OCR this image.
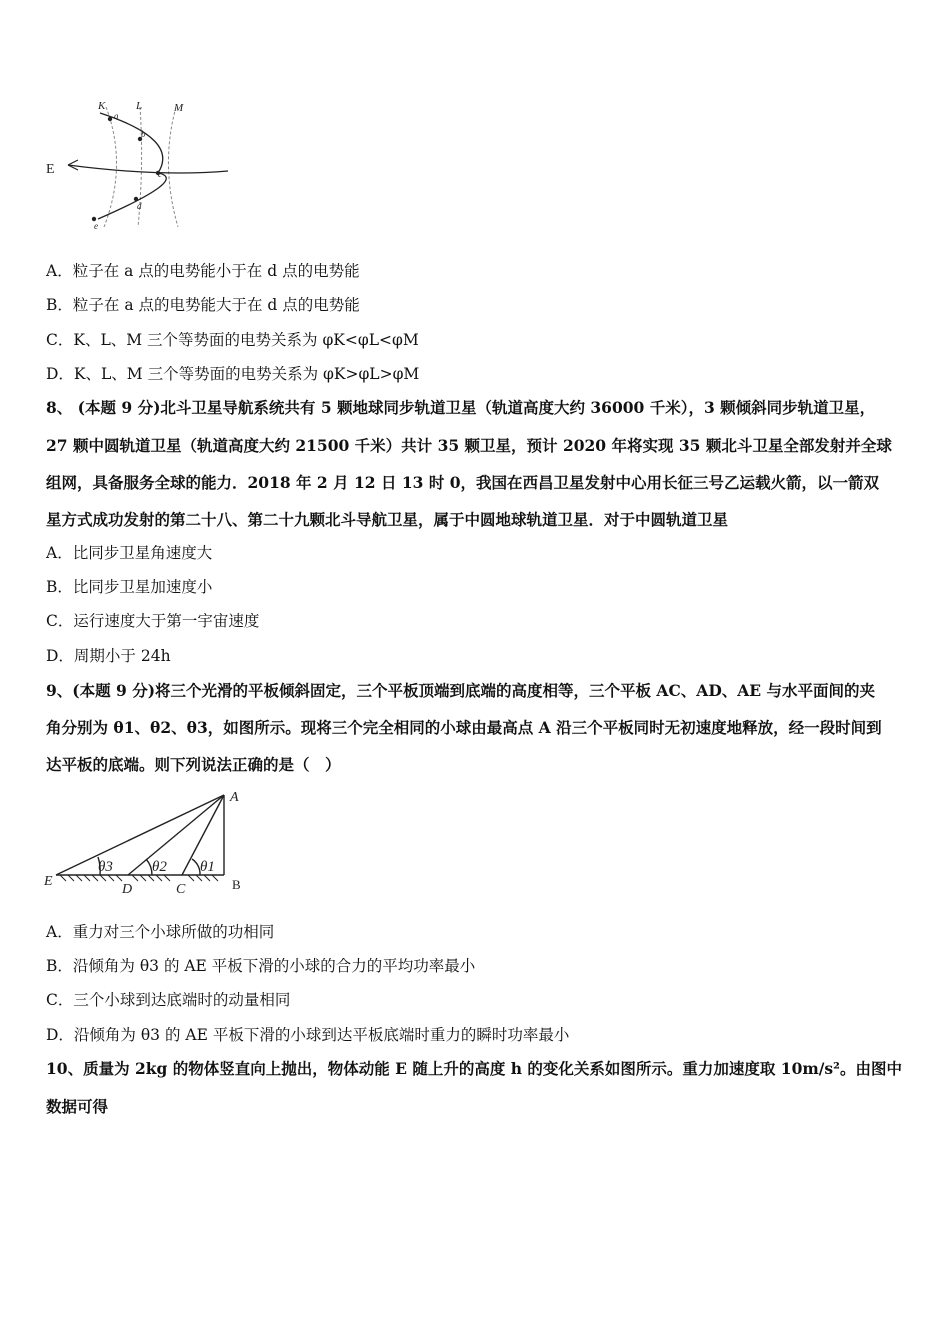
K	L	M
E
a
b
c
d
e
A．粒子在 a 点的电势能小于在 d 点的电势能
B．粒子在 a 点的电势能大于在 d 点的电势能
C．K、L、M 三个等势面的电势关系为 φK<φL<φM
D．K、L、M 三个等势面的电势关系为 φK>φL>φM
8、 (本题 9 分)北斗卫星导航系统共有 5 颗地球同步轨道卫星（轨道高度大约 36000 千米），3 颗倾斜同步轨道卫星，
27 颗中圆轨道卫星（轨道高度大约 21500 千米）共计 35 颗卫星，预计 2020 年将实现 35 颗北斗卫星全部发射并全球
组网，具备服务全球的能力．2018 年 2 月 12 日 13 时 0，我国在西昌卫星发射中心用长征三号乙运载火箭，以一箭双
星方式成功发射的第二十八、第二十九颗北斗导航卫星，属于中圆地球轨道卫星．对于中圆轨道卫星
A．比同步卫星角速度大
B．比同步卫星加速度小
C．运行速度大于第一宇宙速度
D．周期小于 24h
9、(本题 9 分)将三个光滑的平板倾斜固定，三个平板顶端到底端的高度相等，三个平板 AC、AD、AE 与水平面间的夹
角分别为 θ1、θ2、θ3，如图所示。现将三个完全相同的小球由最高点 A 沿三个平板同时无初速度地释放，经一段时间到
达平板的底端。则下列说法正确的是（　）
A
B
C
D
E
θ3	θ2 θ1
A．重力对三个小球所做的功相同
B．沿倾角为 θ3 的 AE 平板下滑的小球的合力的平均功率最小
C．三个小球到达底端时的动量相同
D．沿倾角为 θ3 的 AE 平板下滑的小球到达平板底端时重力的瞬时功率最小
10、质量为 2kg 的物体竖直向上抛出，物体动能 E 随上升的高度 h 的变化关系如图所示。重力加速度取 10m/s²。由图中
数据可得
